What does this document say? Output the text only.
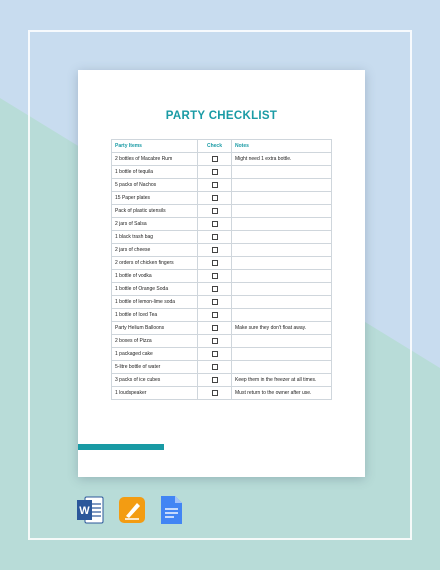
PARTY CHECKLIST
Party Items	Check	Notes
2 bottles of Macabre Rum		Might need 1 extra bottle.
1 bottle of tequila		
5 packs of Nachos		
15 Paper plates		
Pack of plastic utensils		
2 jars of Salsa		
1 black trash bag		
2 jars of cheese		
2 orders of chicken fingers		
1 bottle of vodka		
1 bottle of Orange Soda		
1 bottle of lemon-lime soda		
1 bottle of Iced Tea		
Party Helium Balloons		Make sure they don't float away.
2 boxes of Pizza		
1 packaged cake		
5-litre bottle of water		
3 packs of ice cubes		Keep them in the freezer at all times.
1 loudspeaker		Must return to the owner after use.
W
